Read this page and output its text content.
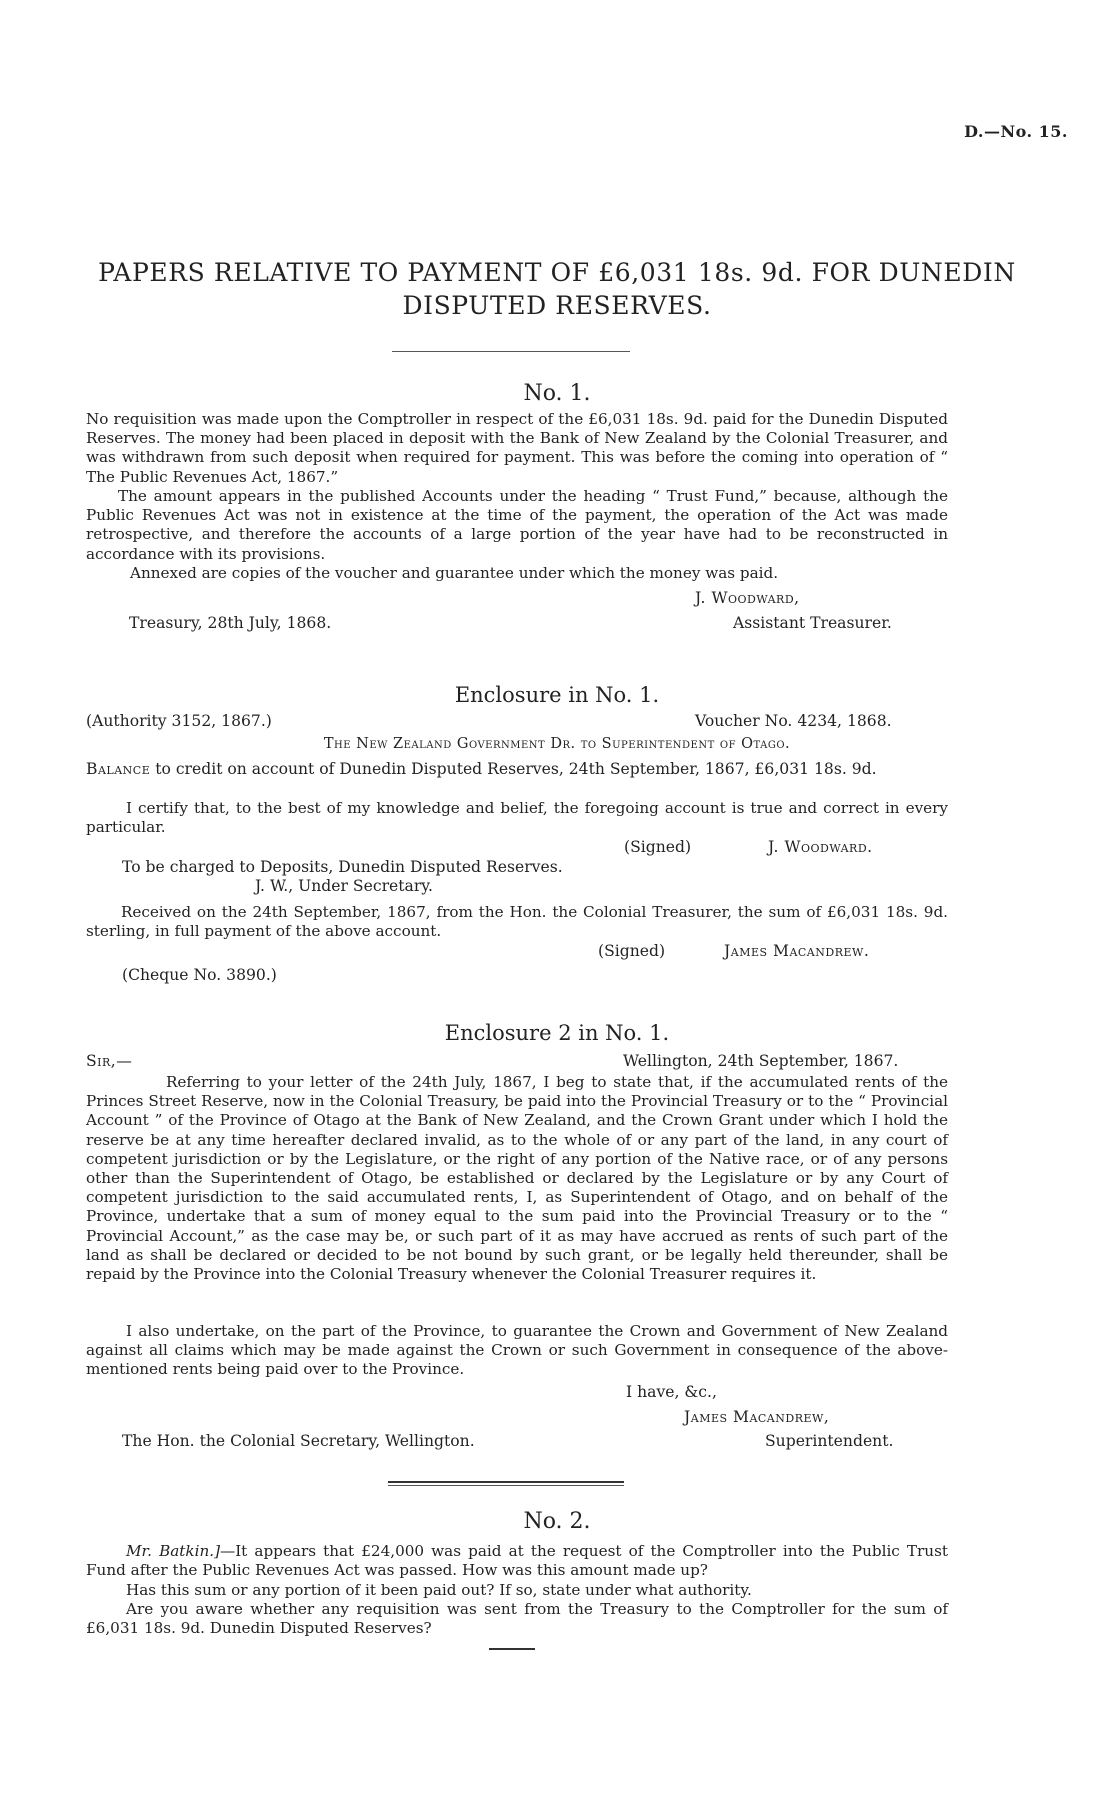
D.—No. 15.
PAPERS RELATIVE TO PAYMENT OF £6,031 18s. 9d. FOR DUNEDIN
DISPUTED RESERVES.
No. 1.
No requisition was made upon the Comptroller in respect of the £6,031 18s. 9d. paid for the Dunedin Disputed Reserves. The money had been placed in deposit with the Bank of New Zealand by the Colonial Treasurer, and was withdrawn from such deposit when required for payment. This was before the coming into operation of “ The Public Revenues Act, 1867.”
The amount appears in the published Accounts under the heading “ Trust Fund,” because, although the Public Revenues Act was not in existence at the time of the payment, the operation of the Act was made retrospective, and therefore the accounts of a large portion of the year have had to be reconstructed in accordance with its provisions.
Annexed are copies of the voucher and guarantee under which the money was paid.
J. Woodward,
Treasury, 28th July, 1868.	Assistant Treasurer.
Enclosure in No. 1.
(Authority 3152, 1867.)	Voucher No. 4234, 1868.
The New Zealand Government Dr. to Superintendent of Otago.
Balance to credit on account of Dunedin Disputed Reserves, 24th September, 1867, £6,031 18s. 9d.
I certify that, to the best of my knowledge and belief, the foregoing account is true and correct in every particular.
(Signed)	J. Woodward.
To be charged to Deposits, Dunedin Disputed Reserves.
J. W., Under Secretary.
Received on the 24th September, 1867, from the Hon. the Colonial Treasurer, the sum of £6,031 18s. 9d. sterling, in full payment of the above account.
(Signed)	James Macandrew.
(Cheque No. 3890.)
Enclosure 2 in No. 1.
Sir,—	Wellington, 24th September, 1867.
Referring to your letter of the 24th July, 1867, I beg to state that, if the accumulated rents of the Princes Street Reserve, now in the Colonial Treasury, be paid into the Provincial Treasury or to the “ Provincial Account ” of the Province of Otago at the Bank of New Zealand, and the Crown Grant under which I hold the reserve be at any time hereafter declared invalid, as to the whole of or any part of the land, in any court of competent jurisdiction or by the Legislature, or the right of any portion of the Native race, or of any persons other than the Superintendent of Otago, be established or declared by the Legislature or by any Court of competent jurisdiction to the said accumulated rents, I, as Superintendent of Otago, and on behalf of the Province, undertake that a sum of money equal to the sum paid into the Provincial Treasury or to the “ Provincial Account,” as the case may be, or such part of it as may have accrued as rents of such part of the land as shall be declared or decided to be not bound by such grant, or be legally held thereunder, shall be repaid by the Province into the Colonial Treasury whenever the Colonial Treasurer requires it.
I also undertake, on the part of the Province, to guarantee the Crown and Government of New Zealand against all claims which may be made against the Crown or such Government in consequence of the above-mentioned rents being paid over to the Province.
I have, &c.,
James Macandrew,
The Hon. the Colonial Secretary, Wellington.	Superintendent.
No. 2.
Mr. Batkin.]—It appears that £24,000 was paid at the request of the Comptroller into the Public Trust Fund after the Public Revenues Act was passed. How was this amount made up?
Has this sum or any portion of it been paid out? If so, state under what authority.
Are you aware whether any requisition was sent from the Treasury to the Comptroller for the sum of £6,031 18s. 9d. Dunedin Disputed Reserves?
